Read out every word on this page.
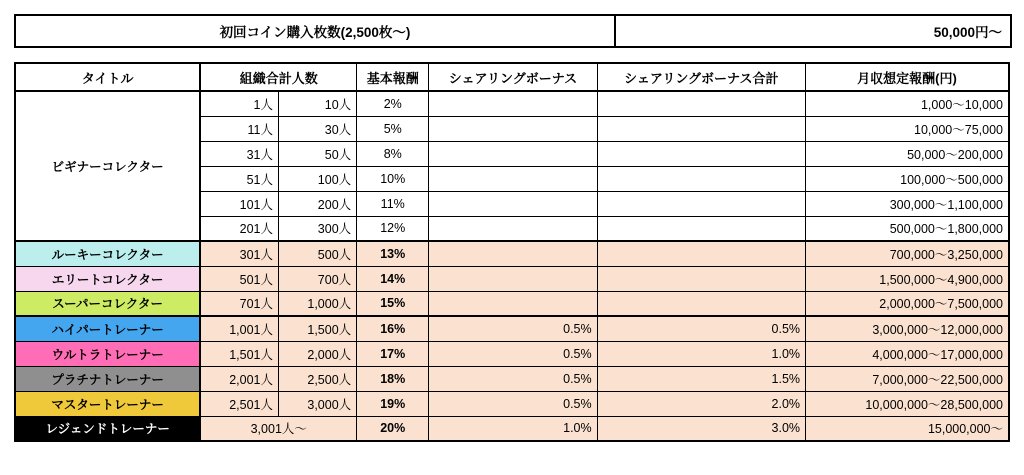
初回コイン購入枚数(2,500枚〜)	50,000円〜
タイトル	組織合計人数		基本報酬	シェアリングボーナス	シェアリングボーナス合計	月収想定報酬(円)
ビギナーコレクター	1人	10人	2%			1,000〜10,000
	11人	30人	5%			10,000〜75,000
	31人	50人	8%			50,000〜200,000
	51人	100人	10%			100,000〜500,000
	101人	200人	11%			300,000〜1,100,000
	201人	300人	12%			500,000〜1,800,000
ルーキーコレクター	301人	500人	13%			700,000〜3,250,000
エリートコレクター	501人	700人	14%			1,500,000〜4,900,000
スーパーコレクター	701人	1,000人	15%			2,000,000〜7,500,000
ハイパートレーナー	1,001人	1,500人	16%	0.5%	0.5%	3,000,000〜12,000,000
ウルトラトレーナー	1,501人	2,000人	17%	0.5%	1.0%	4,000,000〜17,000,000
プラチナトレーナー	2,001人	2,500人	18%	0.5%	1.5%	7,000,000〜22,500,000
マスタートレーナー	2,501人	3,000人	19%	0.5%	2.0%	10,000,000〜28,500,000
レジェンドトレーナー	3,001人〜		20%	1.0%	3.0%	15,000,000〜
